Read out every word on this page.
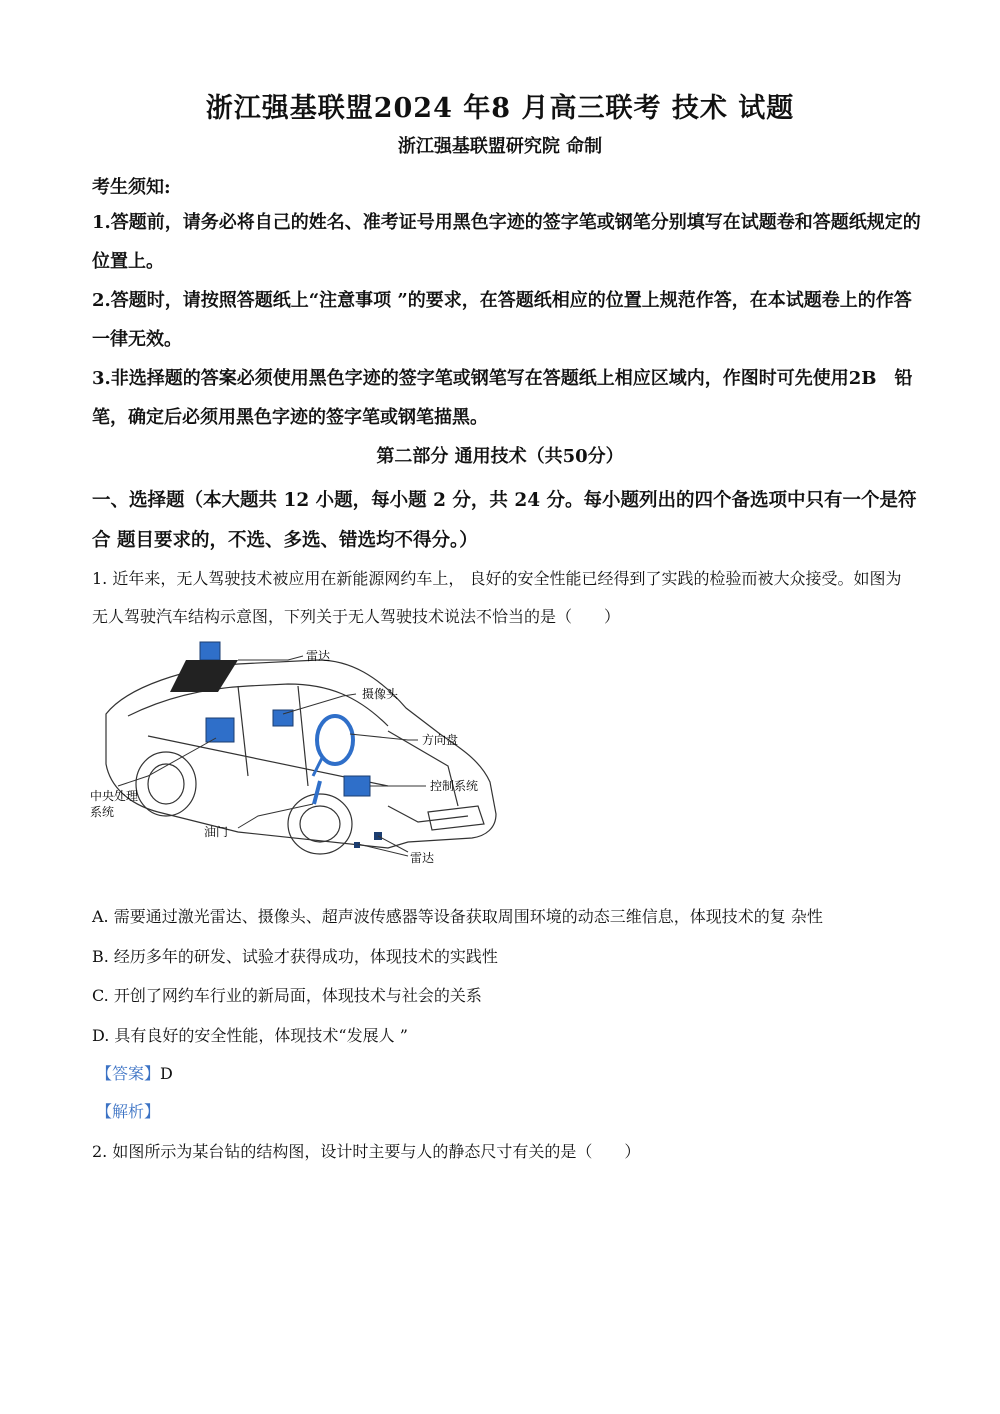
浙江强基联盟2024 年8 月高三联考 技术 试题
浙江强基联盟研究院 命制
考生须知:

1.答题前，请务必将自己的姓名、准考证号用黑色字迹的签字笔或钢笔分别填写在试题卷和答题纸规定的位置上。

2.答题时，请按照答题纸上“注意事项 ”的要求，在答题纸相应的位置上规范作答，在本试题卷上的作答一律无效。

3.非选择题的答案必须使用黑色字迹的签字笔或钢笔写在答题纸上相应区域内，作图时可先使用2B　铅笔，确定后必须用黑色字迹的签字笔或钢笔描黑。

第二部分 通用技术（共50分）
一、选择题（本大题共 12 小题，每小题 2 分，共 24 分。每小题列出的四个备选项中只有一个是符合 题目要求的，不选、多选、错选均不得分。）
1. 近年来，无人驾驶技术被应用在新能源网约车上， 良好的安全性能已经得到了实践的检验而被大众接受。如图为无人驾驶汽车结构示意图，下列关于无人驾驶技术说法不恰当的是（　　）
雷达
摄像头
方向盘
控制系统
中央处理
系统
油门
雷达
A. 需要通过激光雷达、摄像头、超声波传感器等设备获取周围环境的动态三维信息，体现技术的复 杂性
B. 经历多年的研发、试验才获得成功，体现技术的实践性
C. 开创了网约车行业的新局面，体现技术与社会的关系
D. 具有良好的安全性能，体现技术“发展人 ”
【答案】D
【解析】
2. 如图所示为某台钻的结构图，设计时主要与人的静态尺寸有关的是（　　）
